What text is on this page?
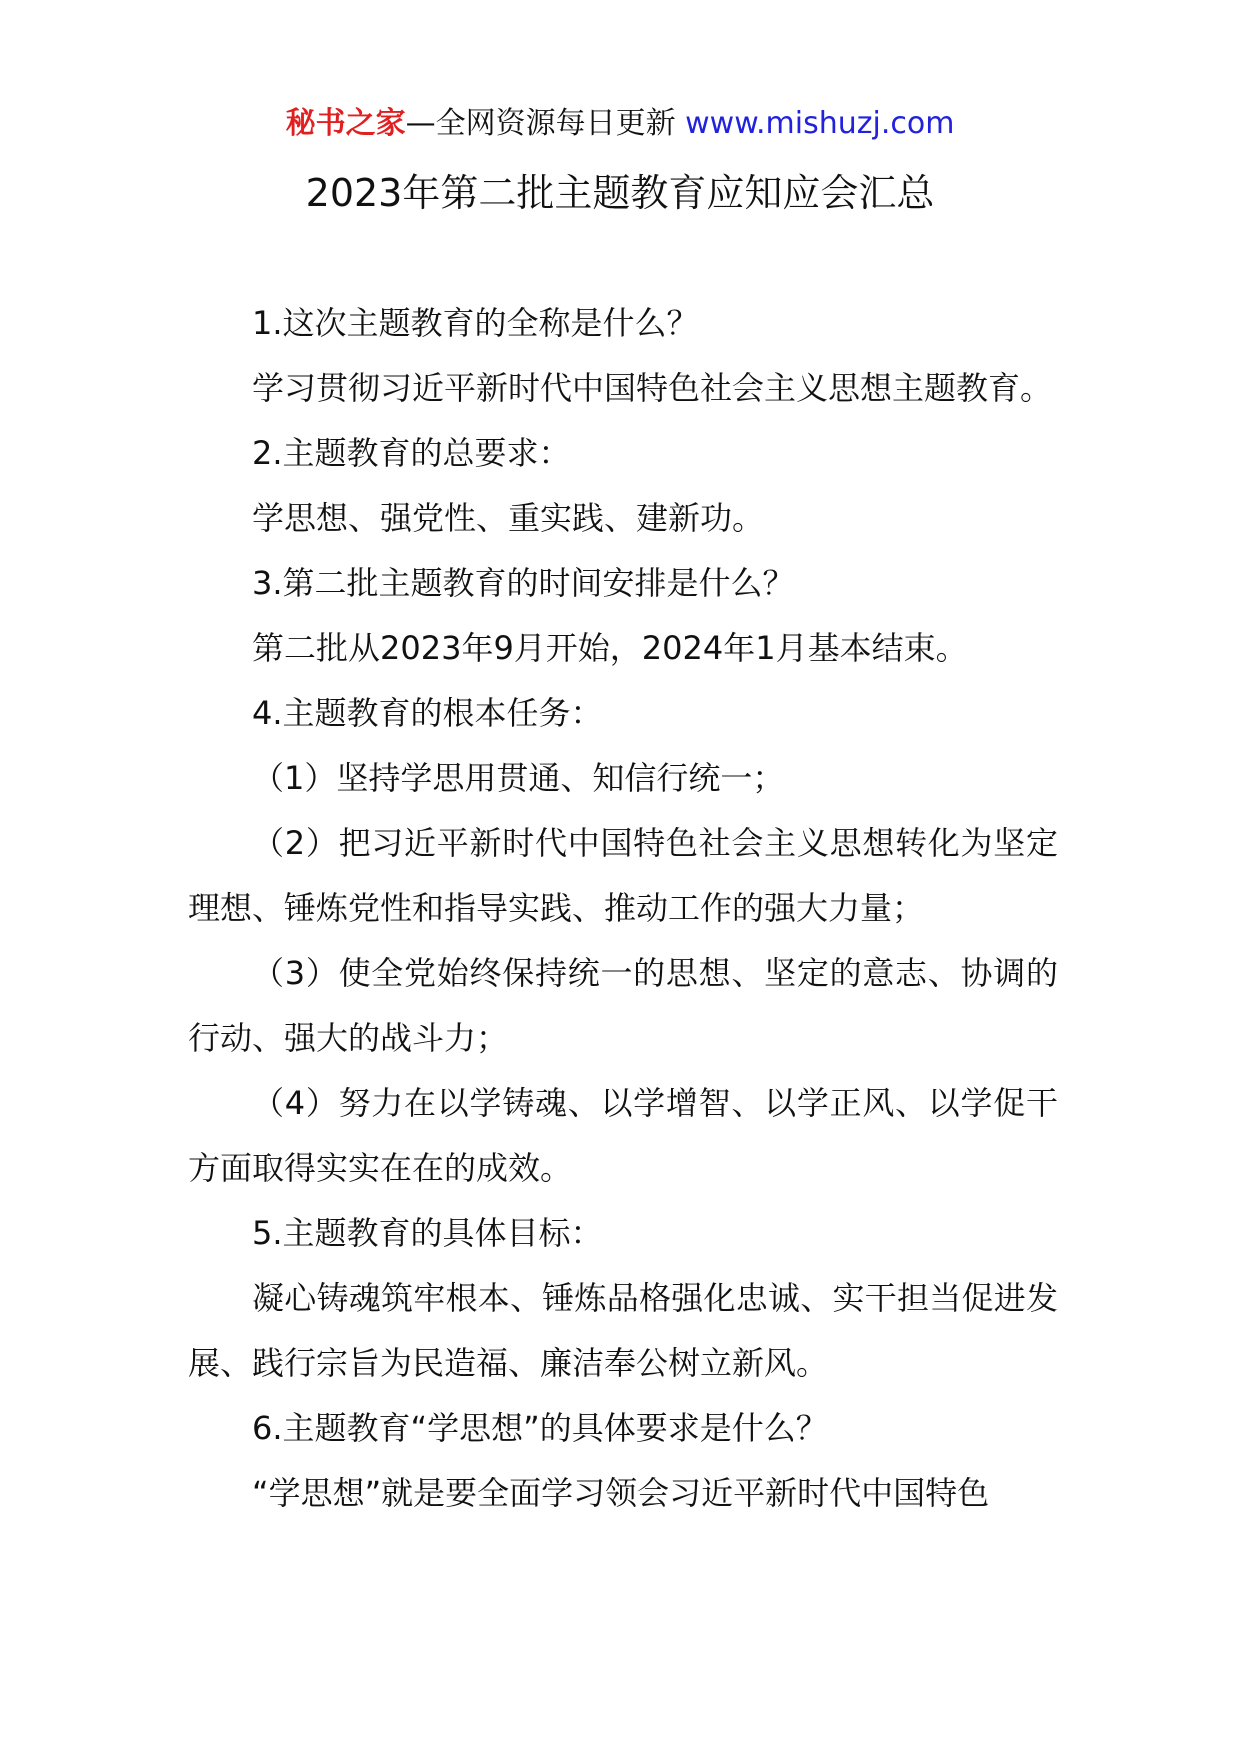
秘书之家—全网资源每日更新 www.mishuzj.com
2023年第二批主题教育应知应会汇总

1.这次主题教育的全称是什么？

学习贯彻习近平新时代中国特色社会主义思想主题教育。

2.主题教育的总要求：

学思想、强党性、重实践、建新功。

3.第二批主题教育的时间安排是什么？

第二批从2023年9月开始，2024年1月基本结束。

4.主题教育的根本任务：

（1）坚持学思用贯通、知信行统一；

（2）把习近平新时代中国特色社会主义思想转化为坚定理想、锤炼党性和指导实践、推动工作的强大力量；

（3）使全党始终保持统一的思想、坚定的意志、协调的行动、强大的战斗力；

（4）努力在以学铸魂、以学增智、以学正风、以学促干方面取得实实在在的成效。

5.主题教育的具体目标：

凝心铸魂筑牢根本、锤炼品格强化忠诚、实干担当促进发展、践行宗旨为民造福、廉洁奉公树立新风。

6.主题教育“学思想”的具体要求是什么？

“学思想”就是要全面学习领会习近平新时代中国特色
